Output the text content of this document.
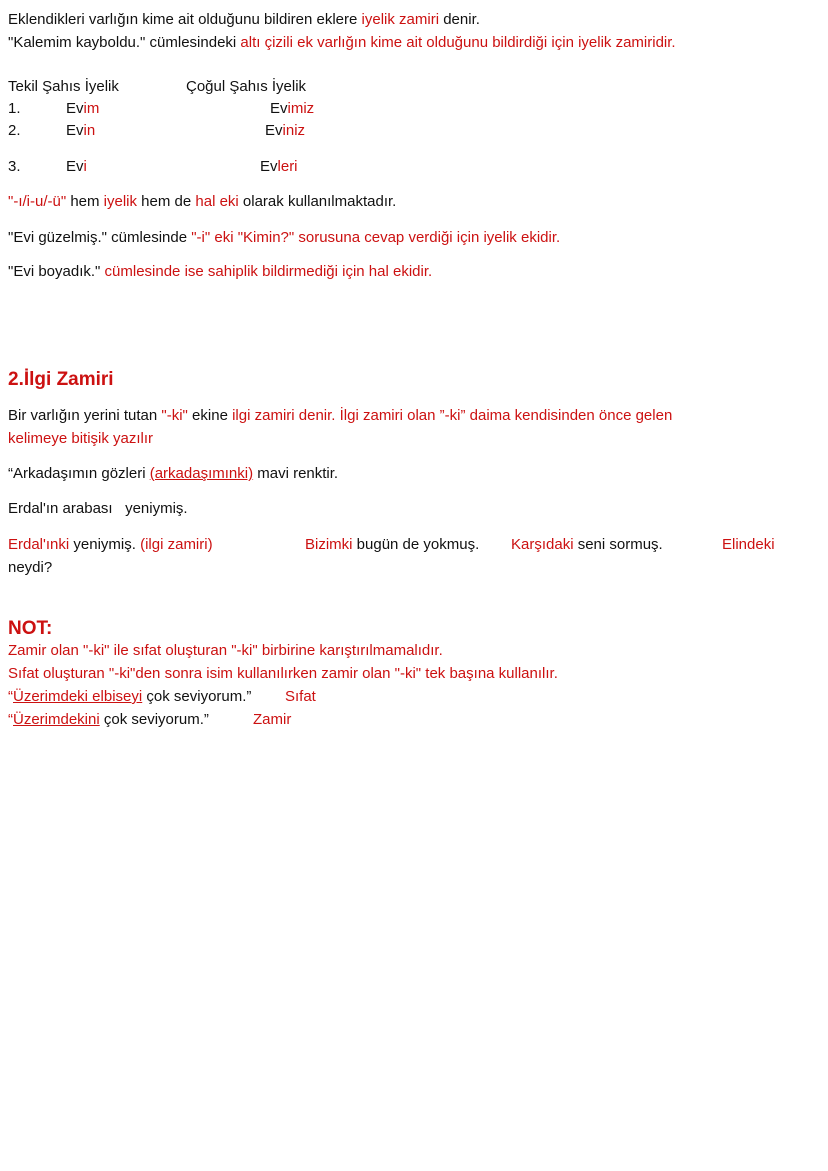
Eklendikleri varlığın kime ait olduğunu bildiren eklere iyelik zamiri denir.
"Kalemim kayboldu." cümlesindeki altı çizili ek varlığın kime ait olduğunu bildirdiği için iyelik zamiridir.
Tekil Şahıs İyelik	Çoğul Şahıs İyelik
1.	Evim	Evimiz
2.	Evin	Eviniz
3.	Evi	Evleri
"-ı/i-u/-ü" hem iyelik hem de hal eki olarak kullanılmaktadır.
"Evi güzelmiş." cümlesinde "-i" eki "Kimin?" sorusuna cevap verdiği için iyelik ekidir.
"Evi boyadık." cümlesinde ise sahiplik bildirmediği için hal ekidir.
2.İlgi Zamiri
Bir varlığın yerini tutan "-ki" ekine ilgi zamiri denir. İlgi zamiri olan ”-ki” daima kendisinden önce gelen
kelimeye bitişik yazılır
“Arkadaşımın gözleri (arkadaşımınki) mavi renktir.
Erdal'ın arabası   yeniymiş.
Erdal'ınki yeniymiş. (ilgi zamiri)	Bizimki bugün de yokmuş. Karşıdaki seni sormuş.	Elindeki
neydi?
NOT:
Zamir olan "-ki" ile sıfat oluşturan "-ki" birbirine karıştırılmamalıdır.
Sıfat oluşturan "-ki"den sonra isim kullanılırken zamir olan "-ki" tek başına kullanılır.
“Üzerimdeki elbiseyi çok seviyorum.” Sıfat
“Üzerimdekini çok seviyorum.”	Zamir
